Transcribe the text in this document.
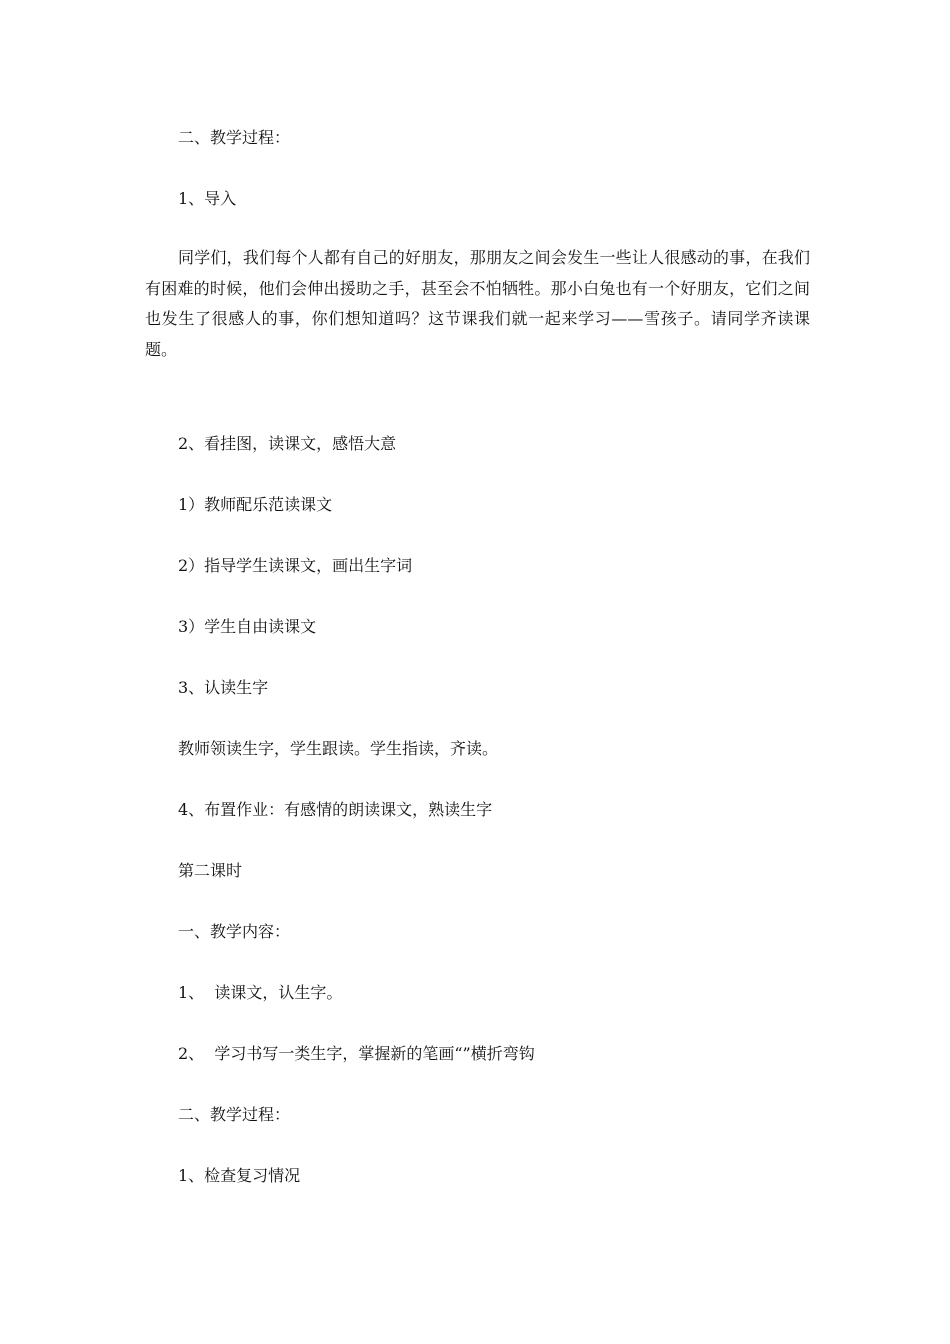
二、教学过程：
1、导入
同学们，我们每个人都有自己的好朋友，那朋友之间会发生一些让人很感动的事，在我们有困难的时候，他们会伸出援助之手，甚至会不怕牺牲。那小白兔也有一个好朋友，它们之间也发生了很感人的事，你们想知道吗？这节课我们就一起来学习——雪孩子。请同学齐读课题。
2、看挂图，读课文，感悟大意
1）教师配乐范读课文
2）指导学生读课文，画出生字词
3）学生自由读课文
3、认读生字
教师领读生字，学生跟读。学生指读，齐读。
4、布置作业：有感情的朗读课文，熟读生字
第二课时
一、教学内容：
1、  读课文，认生字。
2、  学习书写一类生字，掌握新的笔画“”横折弯钩
二、教学过程：
1、检查复习情况
